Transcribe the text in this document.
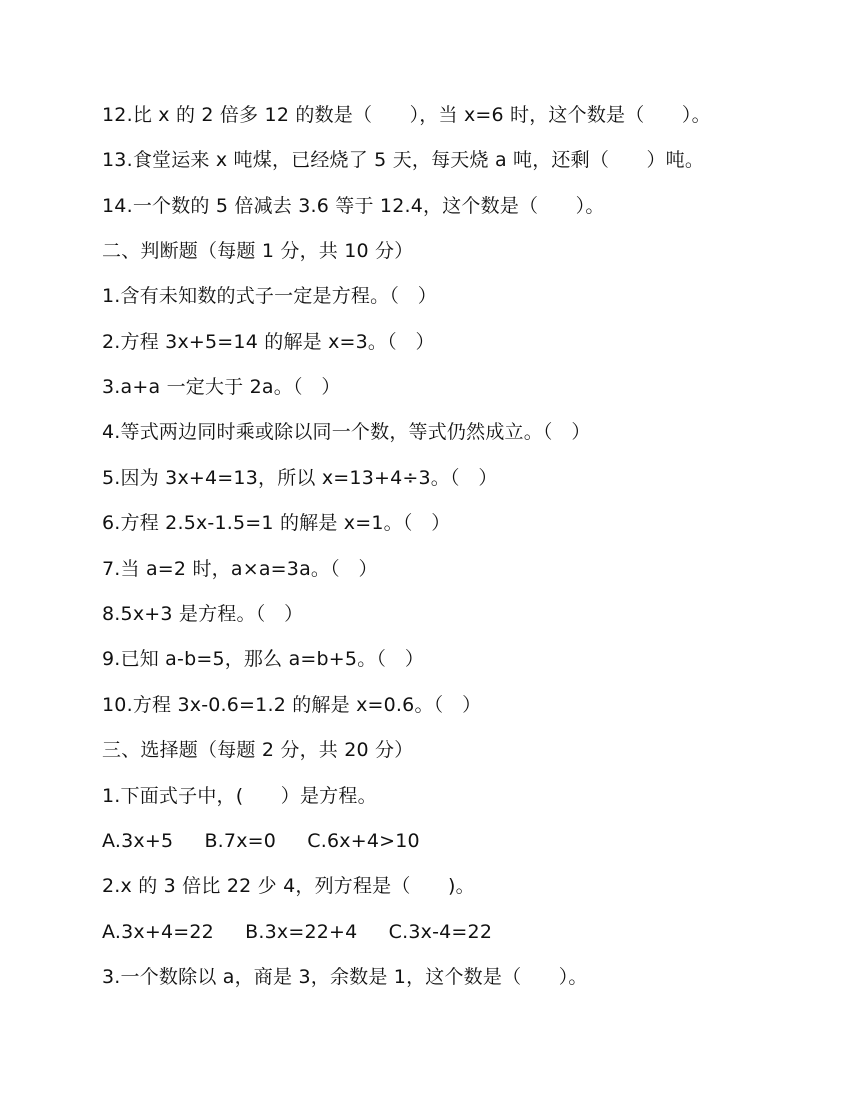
12.比 x 的 2 倍多 12 的数是（      ），当 x=6 时，这个数是（      ）。
13.食堂运来 x 吨煤，已经烧了 5 天，每天烧 a 吨，还剩（      ）吨。
14.一个数的 5 倍减去 3.6 等于 12.4，这个数是（      ）。
二、判断题（每题 1 分，共 10 分）
1.含有未知数的式子一定是方程。（   ）
2.方程 3x+5=14 的解是 x=3。（   ）
3.a+a 一定大于 2a。（   ）
4.等式两边同时乘或除以同一个数，等式仍然成立。（   ）
5.因为 3x+4=13，所以 x=13+4÷3。（   ）
6.方程 2.5x-1.5=1 的解是 x=1。（   ）
7.当 a=2 时，a×a=3a。（   ）
8.5x+3 是方程。（   ）
9.已知 a-b=5，那么 a=b+5。（   ）
10.方程 3x-0.6=1.2 的解是 x=0.6。（   ）
三、选择题（每题 2 分，共 20 分）
1.下面式子中，(      ）是方程。
A.3x+5     B.7x=0     C.6x+4>10
2.x 的 3 倍比 22 少 4，列方程是（      )。
A.3x+4=22     B.3x=22+4     C.3x-4=22
3.一个数除以 a，商是 3，余数是 1，这个数是（      ）。
